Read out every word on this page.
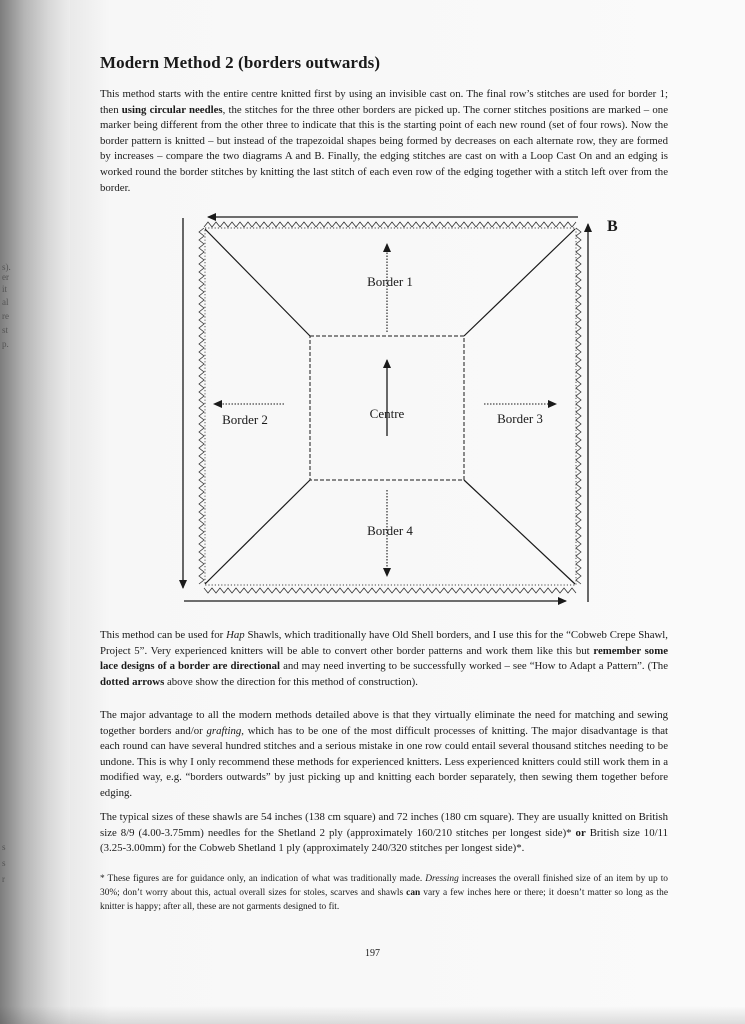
s).
er
it
al
re
st
p.
s
s
r
Modern Method 2 (borders outwards)

This method starts with the entire centre knitted first by using an invisible cast on. The final row’s stitches are used for border 1; then using circular needles, the stitches for the three other borders are picked up. The corner stitches positions are marked – one marker being different from the other three to indicate that this is the starting point of each new round (set of four rows). Now the border pattern is knitted – but instead of the trapezoidal shapes being formed by decreases on each alternate row, they are formed by increases – compare the two diagrams A and B. Finally, the edging stitches are cast on with a Loop Cast On and an edging is worked round the border stitches by knitting the last stitch of each even row of the edging together with a stitch left over from the border.

B
Border 1
Border 2	Border 3
Border 4
Centre

This method can be used for Hap Shawls, which traditionally have Old Shell borders, and I use this for the “Cobweb Crepe Shawl, Project 5”. Very experienced knitters will be able to convert other border patterns and work them like this but remember some lace designs of a border are directional and may need inverting to be successfully worked – see “How to Adapt a Pattern”. (The dotted arrows above show the direction for this method of construction).

The major advantage to all the modern methods detailed above is that they virtually eliminate the need for matching and sewing together borders and/or grafting, which has to be one of the most difficult processes of knitting. The major disadvantage is that each round can have several hundred stitches and a serious mistake in one row could entail several thousand stitches needing to be undone. This is why I only recommend these methods for experienced knitters. Less experienced knitters could still work them in a modified way, e.g. “borders outwards” by just picking up and knitting each border separately, then sewing them together before edging.

The typical sizes of these shawls are 54 inches (138 cm square) and 72 inches (180 cm square). They are usually knitted on British size 8/9 (4.00-3.75mm) needles for the Shetland 2 ply (approximately 160/210 stitches per longest side)* or British size 10/11 (3.25-3.00mm) for the Cobweb Shetland 1 ply (approximately 240/320 stitches per longest side)*.

* These figures are for guidance only, an indication of what was traditionally made. Dressing increases the overall finished size of an item by up to 30%; don’t worry about this, actual overall sizes for stoles, scarves and shawls can vary a few inches here or there; it doesn’t matter so long as the knitter is happy; after all, these are not garments designed to fit.

197
